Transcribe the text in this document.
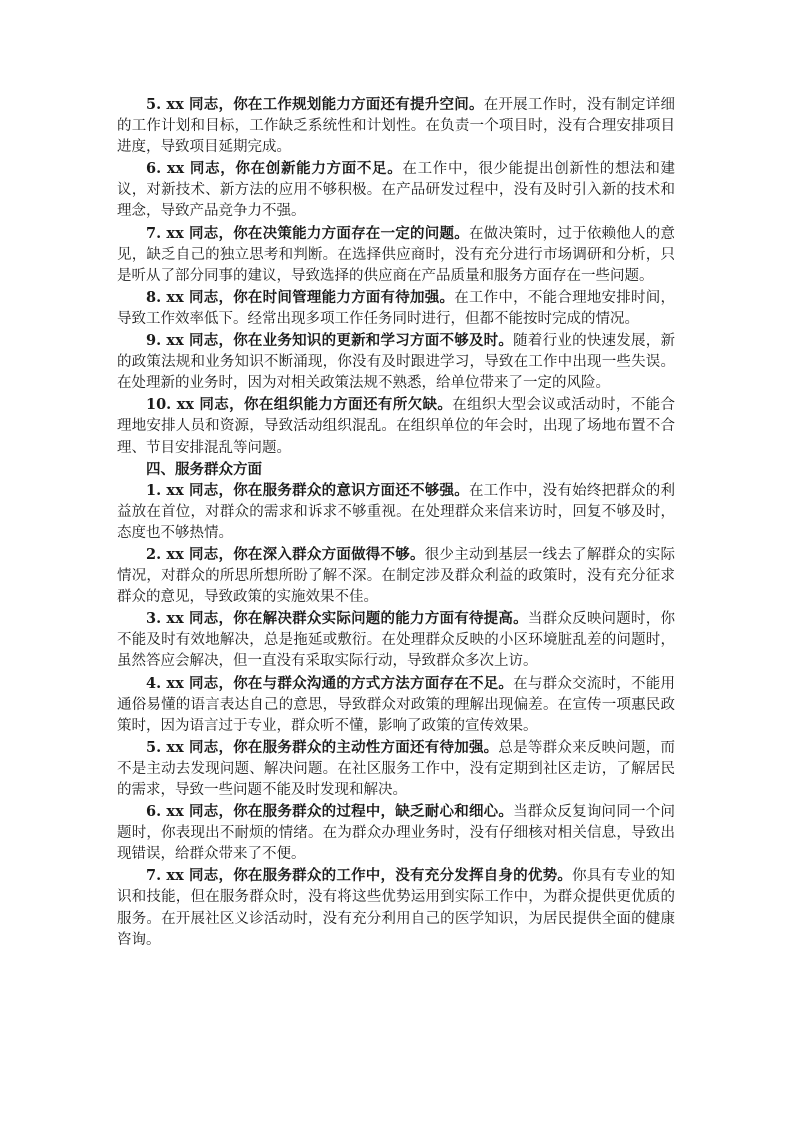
5. xx 同志，你在工作规划能力方面还有提升空间。在开展工作时，没有制定详细的工作计划和目标，工作缺乏系统性和计划性。在负责一个项目时，没有合理安排项目进度，导致项目延期完成。

6. xx 同志，你在创新能力方面不足。在工作中，很少能提出创新性的想法和建议，对新技术、新方法的应用不够积极。在产品研发过程中，没有及时引入新的技术和理念，导致产品竞争力不强。

7. xx 同志，你在决策能力方面存在一定的问题。在做决策时，过于依赖他人的意见，缺乏自己的独立思考和判断。在选择供应商时，没有充分进行市场调研和分析，只是听从了部分同事的建议，导致选择的供应商在产品质量和服务方面存在一些问题。

8. xx 同志，你在时间管理能力方面有待加强。在工作中，不能合理地安排时间，导致工作效率低下。经常出现多项工作任务同时进行，但都不能按时完成的情况。

9. xx 同志，你在业务知识的更新和学习方面不够及时。随着行业的快速发展，新的政策法规和业务知识不断涌现，你没有及时跟进学习，导致在工作中出现一些失误。在处理新的业务时，因为对相关政策法规不熟悉，给单位带来了一定的风险。

10. xx 同志，你在组织能力方面还有所欠缺。在组织大型会议或活动时，不能合理地安排人员和资源，导致活动组织混乱。在组织单位的年会时，出现了场地布置不合理、节目安排混乱等问题。

四、服务群众方面

1. xx 同志，你在服务群众的意识方面还不够强。在工作中，没有始终把群众的利益放在首位，对群众的需求和诉求不够重视。在处理群众来信来访时，回复不够及时，态度也不够热情。

2. xx 同志，你在深入群众方面做得不够。很少主动到基层一线去了解群众的实际情况，对群众的所思所想所盼了解不深。在制定涉及群众利益的政策时，没有充分征求群众的意见，导致政策的实施效果不佳。

3. xx 同志，你在解决群众实际问题的能力方面有待提高。当群众反映问题时，你不能及时有效地解决，总是拖延或敷衍。在处理群众反映的小区环境脏乱差的问题时，虽然答应会解决，但一直没有采取实际行动，导致群众多次上访。

4. xx 同志，你在与群众沟通的方式方法方面存在不足。在与群众交流时，不能用通俗易懂的语言表达自己的意思，导致群众对政策的理解出现偏差。在宣传一项惠民政策时，因为语言过于专业，群众听不懂，影响了政策的宣传效果。

5. xx 同志，你在服务群众的主动性方面还有待加强。总是等群众来反映问题，而不是主动去发现问题、解决问题。在社区服务工作中，没有定期到社区走访，了解居民的需求，导致一些问题不能及时发现和解决。

6. xx 同志，你在服务群众的过程中，缺乏耐心和细心。当群众反复询问同一个问题时，你表现出不耐烦的情绪。在为群众办理业务时，没有仔细核对相关信息，导致出现错误，给群众带来了不便。

7. xx 同志，你在服务群众的工作中，没有充分发挥自身的优势。你具有专业的知识和技能，但在服务群众时，没有将这些优势运用到实际工作中，为群众提供更优质的服务。在开展社区义诊活动时，没有充分利用自己的医学知识，为居民提供全面的健康咨询。
